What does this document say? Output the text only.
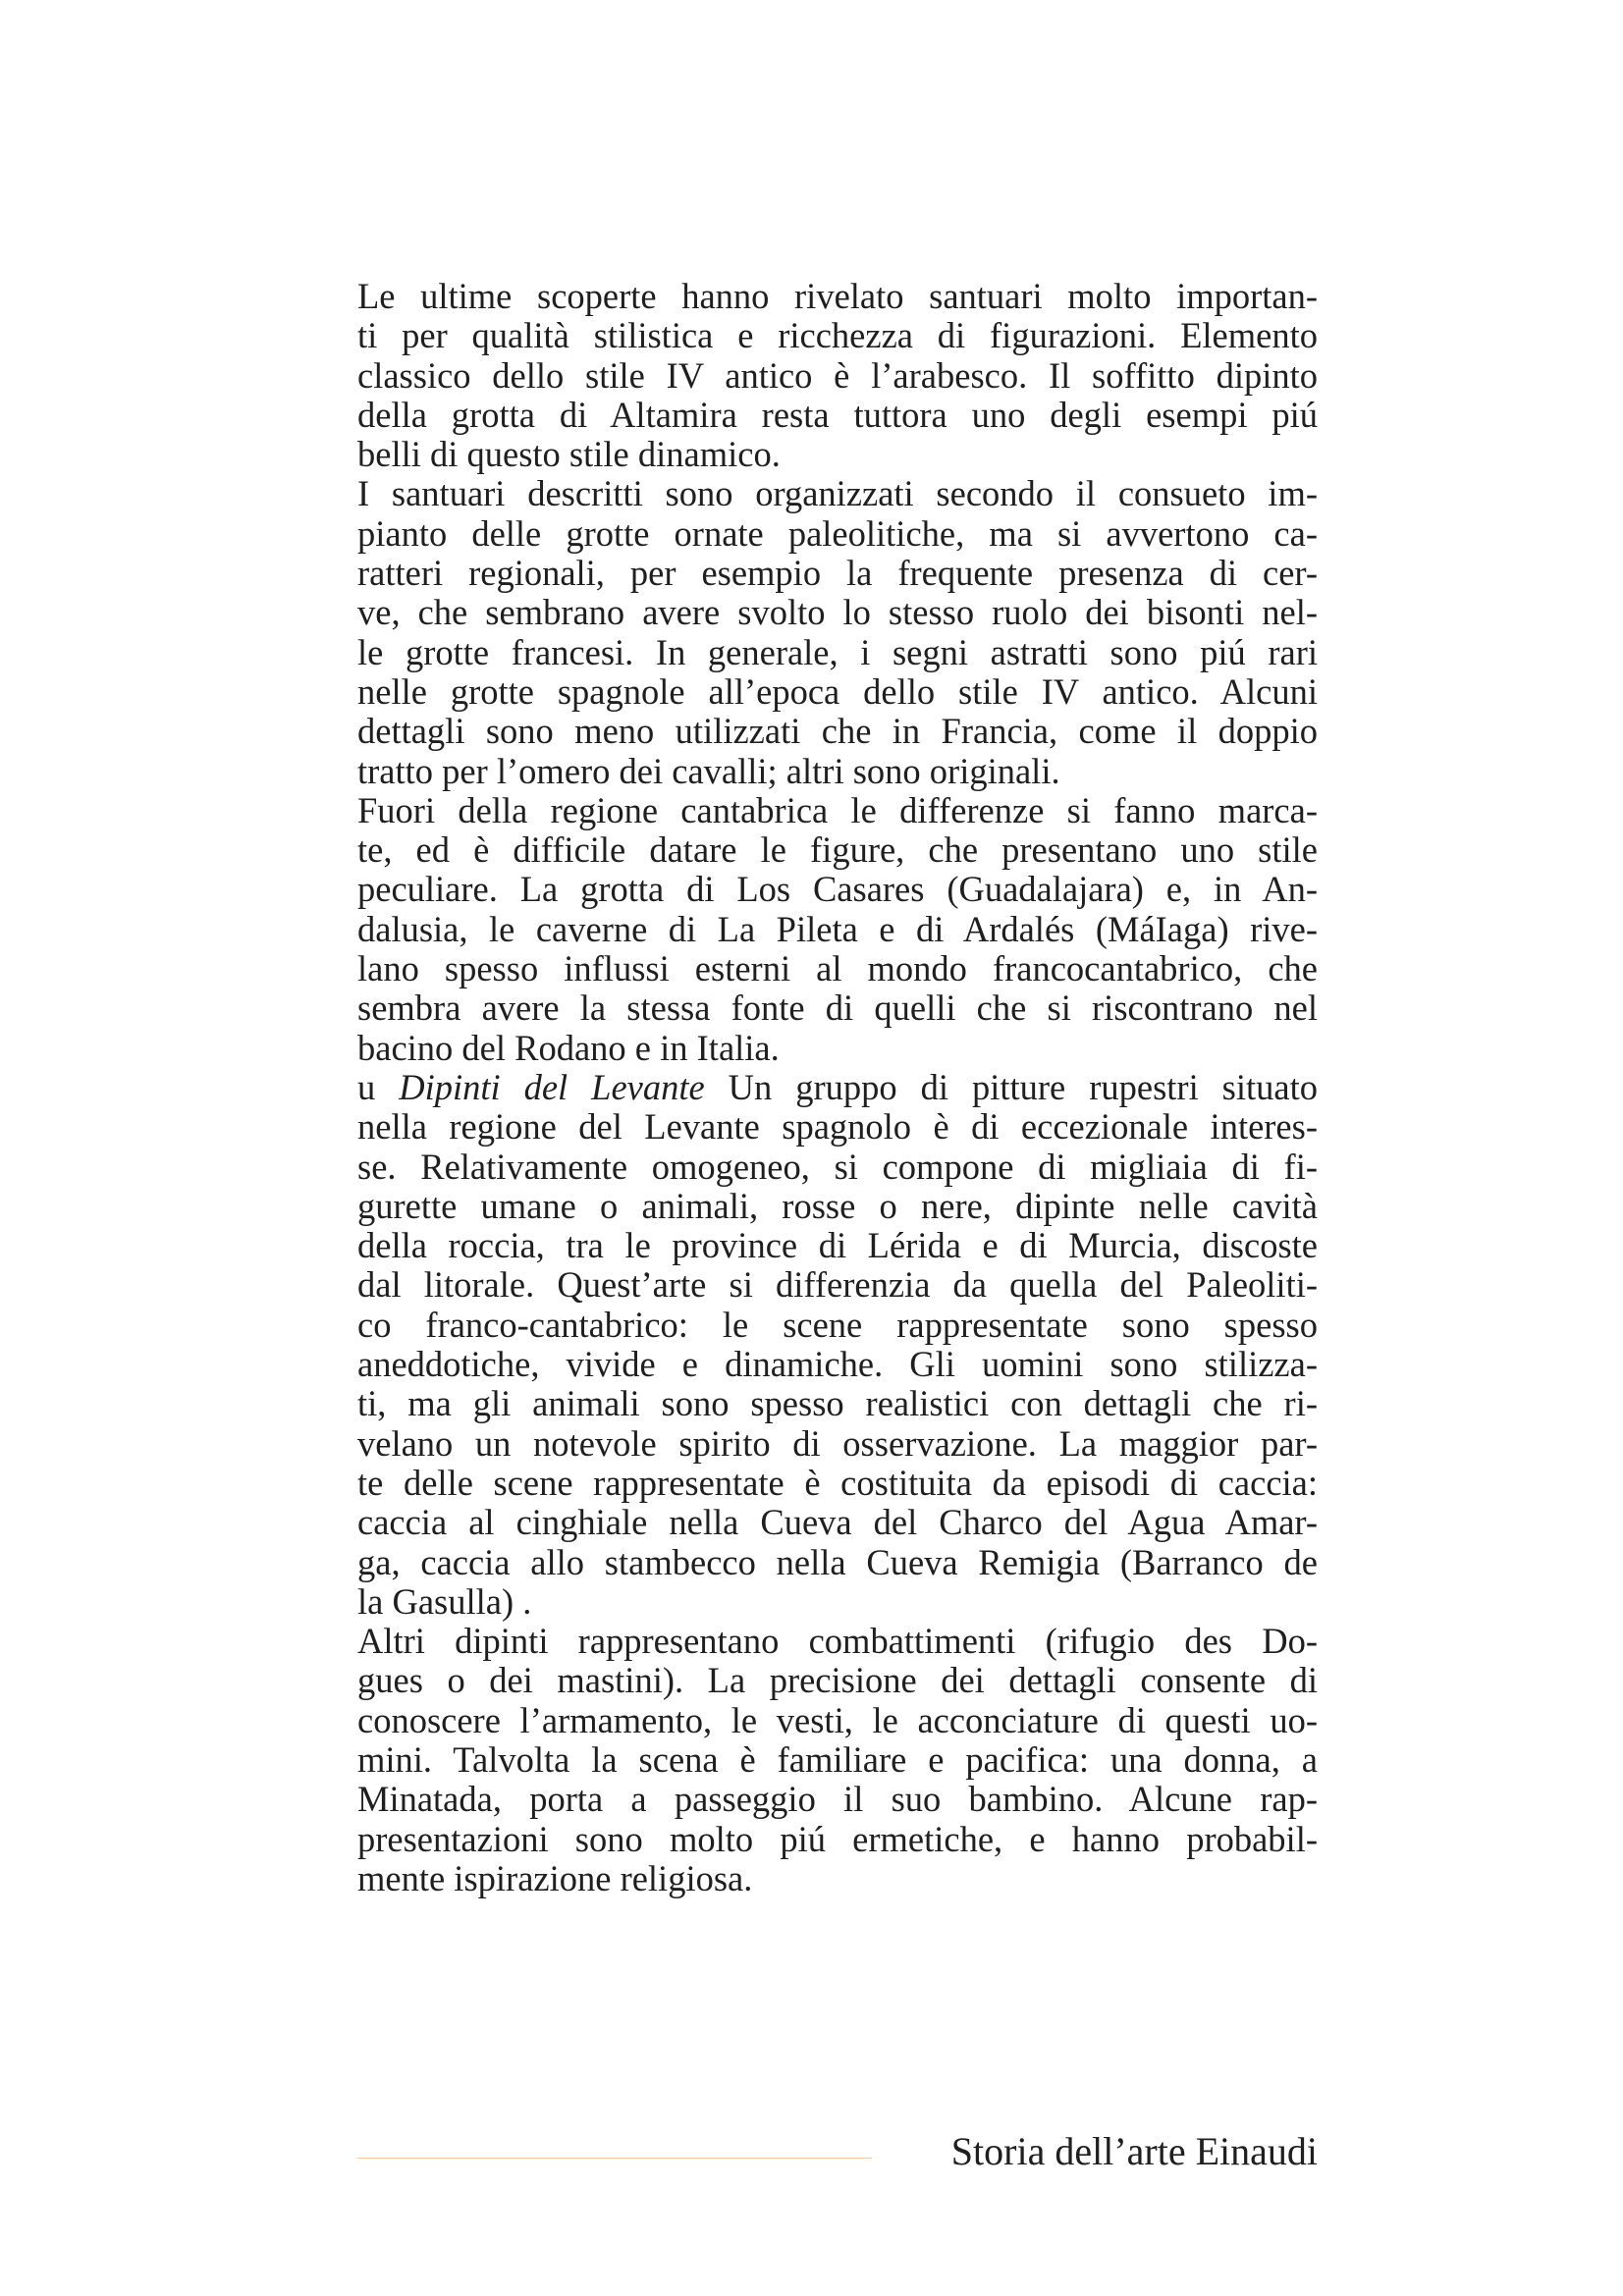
Le ultime scoperte hanno rivelato santuari molto importan-
ti per qualità stilistica e ricchezza di figurazioni. Elemento
classico dello stile IV antico è l’arabesco. Il soffitto dipinto
della grotta di Altamira resta tuttora uno degli esempi piú
belli di questo stile dinamico.
I santuari descritti sono organizzati secondo il consueto im-
pianto delle grotte ornate paleolitiche, ma si avvertono ca-
ratteri regionali, per esempio la frequente presenza di cer-
ve, che sembrano avere svolto lo stesso ruolo dei bisonti nel-
le grotte francesi. In generale, i segni astratti sono piú rari
nelle grotte spagnole all’epoca dello stile IV antico. Alcuni
dettagli sono meno utilizzati che in Francia, come il doppio
tratto per l’omero dei cavalli; altri sono originali.
Fuori della regione cantabrica le differenze si fanno marca-
te, ed è difficile datare le figure, che presentano uno stile
peculiare. La grotta di Los Casares (Guadalajara) e, in An-
dalusia, le caverne di La Pileta e di Ardalés (MáIaga) rive-
lano spesso influssi esterni al mondo francocantabrico, che
sembra avere la stessa fonte di quelli che si riscontrano nel
bacino del Rodano e in Italia.
u Dipinti del Levante Un gruppo di pitture rupestri situato
nella regione del Levante spagnolo è di eccezionale interes-
se. Relativamente omogeneo, si compone di migliaia di fi-
gurette umane o animali, rosse o nere, dipinte nelle cavità
della roccia, tra le province di Lérida e di Murcia, discoste
dal litorale. Quest’arte si differenzia da quella del Paleoliti-
co franco-cantabrico: le scene rappresentate sono spesso
aneddotiche, vivide e dinamiche. Gli uomini sono stilizza-
ti, ma gli animali sono spesso realistici con dettagli che ri-
velano un notevole spirito di osservazione. La maggior par-
te delle scene rappresentate è costituita da episodi di caccia:
caccia al cinghiale nella Cueva del Charco del Agua Amar-
ga, caccia allo stambecco nella Cueva Remigia (Barranco de
la Gasulla) .
Altri dipinti rappresentano combattimenti (rifugio des Do-
gues o dei mastini). La precisione dei dettagli consente di
conoscere l’armamento, le vesti, le acconciature di questi uo-
mini. Talvolta la scena è familiare e pacifica: una donna, a
Minatada, porta a passeggio il suo bambino. Alcune rap-
presentazioni sono molto piú ermetiche, e hanno probabil-
mente ispirazione religiosa.
Storia dell’arte Einaudi
